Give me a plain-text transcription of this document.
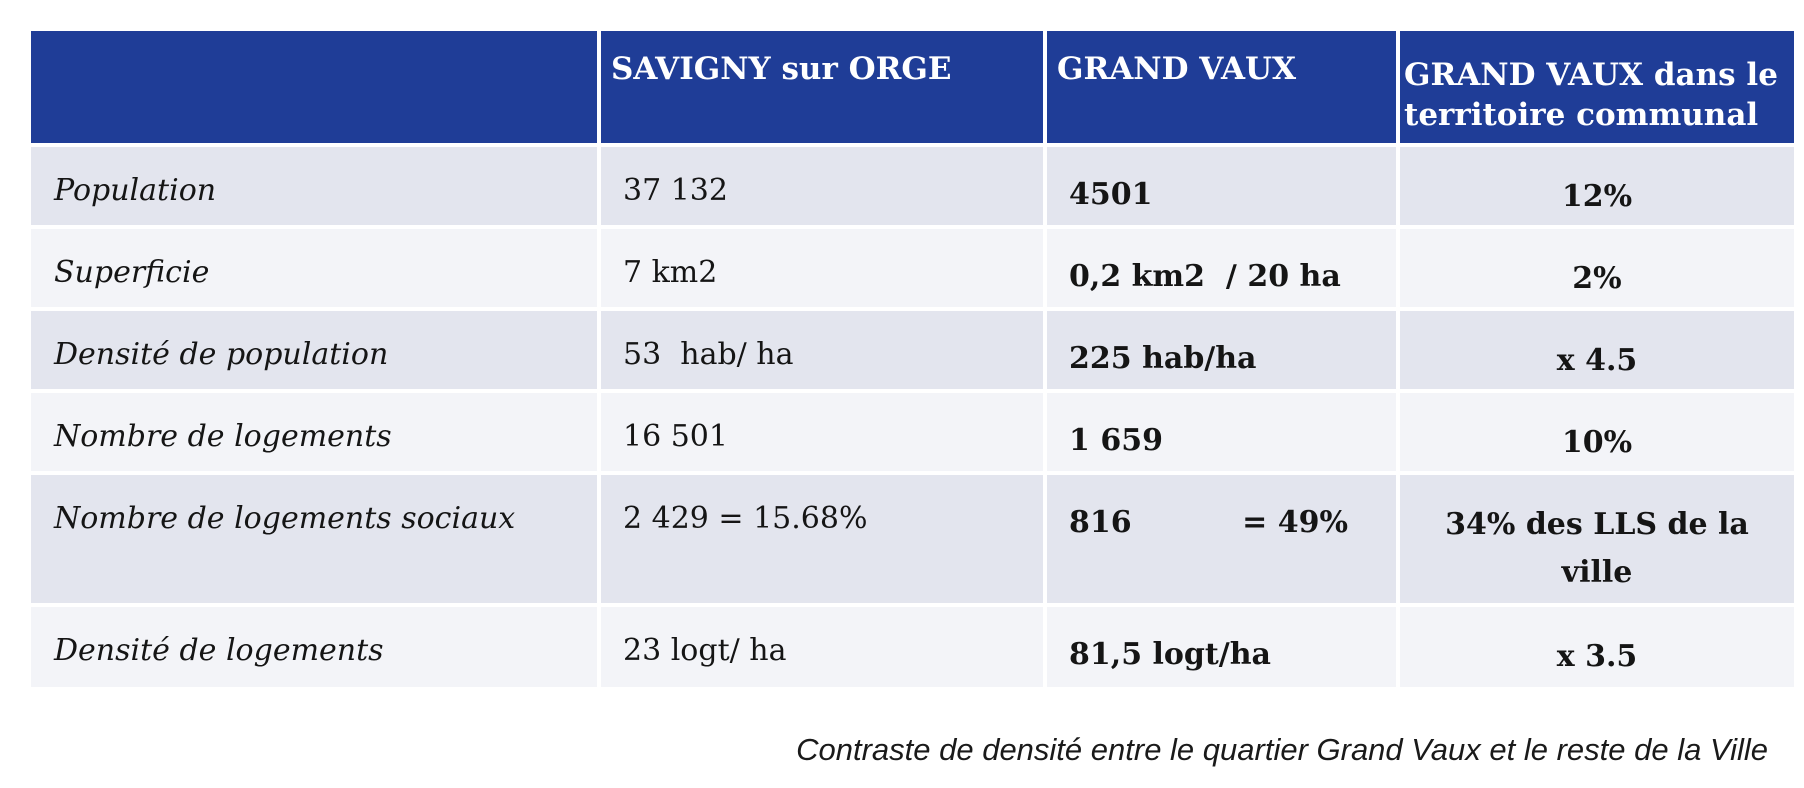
	SAVIGNY sur ORGE	GRAND VAUX	GRAND VAUX dans le territoire communal
Population	37 132	4501	12%
Superficie	7 km2	0,2 km2  / 20 ha	2%
Densité de population	53  hab/ ha	225 hab/ha	x 4.5
Nombre de logements	16 501	1 659	10%
Nombre de logements sociaux	2 429 = 15.68%	816 = 49%	34% des LLS de la ville
Densité de logements	23 logt/ ha	81,5 logt/ha	x 3.5
Contraste de densité entre le quartier Grand Vaux et le reste de la Ville
